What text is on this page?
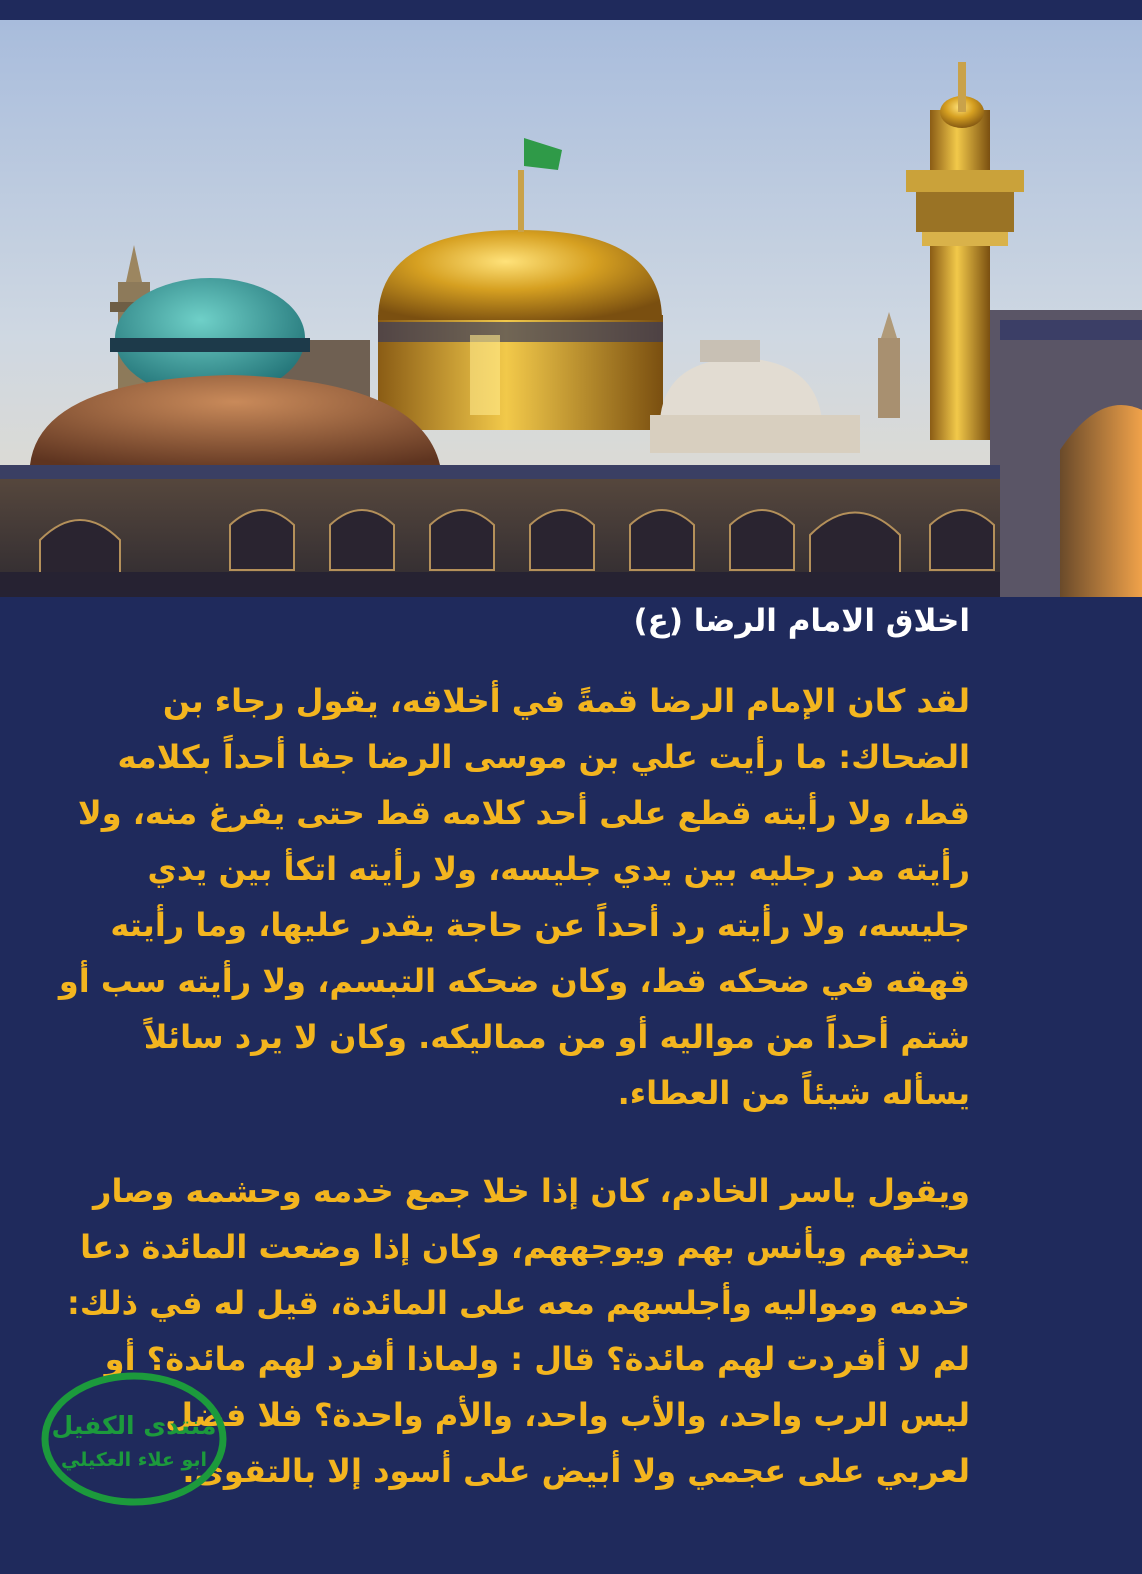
اخلاق الامام الرضا (ع)
لقد كان الإمام الرضا قمةً في أخلاقه، يقول رجاء بن
الضحاك: ما رأيت علي بن موسى الرضا جفا أحداً بكلامه
قط، ولا رأيته قطع على أحد كلامه قط حتى يفرغ منه، ولا
رأيته مد رجليه بين يدي جليسه، ولا رأيته اتكأ بين يدي
جليسه، ولا رأيته رد أحداً عن حاجة يقدر عليها، وما رأيته
قهقه في ضحكه قط، وكان ضحكه التبسم، ولا رأيته سب أو
شتم أحداً من مواليه أو من مماليكه. وكان لا يرد سائلاً
يسأله شيئاً من العطاء.
ويقول ياسر الخادم، كان إذا خلا جمع خدمه وحشمه وصار
يحدثهم ويأنس بهم ويوجههم، وكان إذا وضعت المائدة دعا
خدمه ومواليه وأجلسهم معه على المائدة، قيل له في ذلك:
لم لا أفردت لهم مائدة؟ قال : ولماذا أفرد لهم مائدة؟ أو
ليس الرب واحد، والأب واحد، والأم واحدة؟ فلا فضل
لعربي على عجمي ولا أبيض على أسود إلا بالتقوى.
منتدى الكفيل
ابو علاء العكيلي
